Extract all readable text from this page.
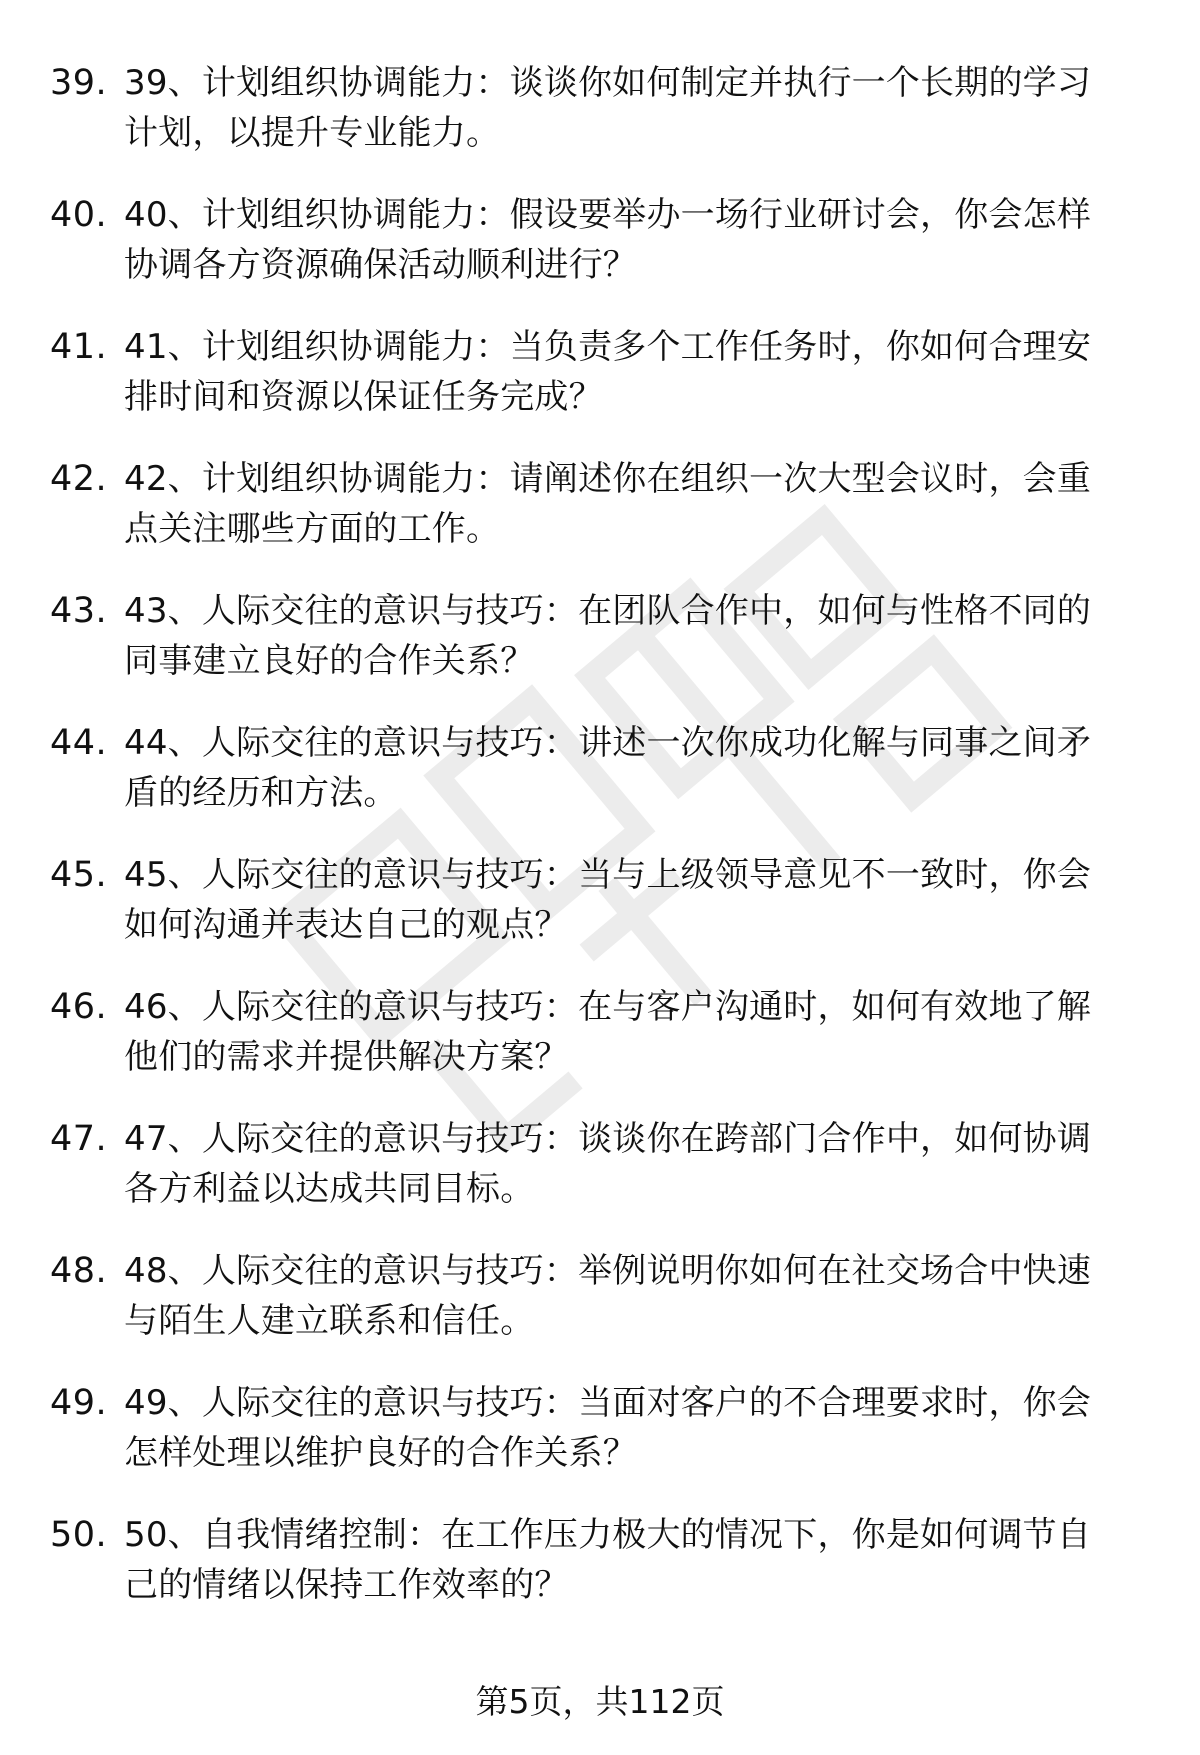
39. 39、计划组织协调能力：谈谈你如何制定并执行一个长期的学习计划，以提升专业能力。
40. 40、计划组织协调能力：假设要举办一场行业研讨会，你会怎样协调各方资源确保活动顺利进行？
41. 41、计划组织协调能力：当负责多个工作任务时，你如何合理安排时间和资源以保证任务完成？
42. 42、计划组织协调能力：请阐述你在组织一次大型会议时，会重点关注哪些方面的工作。
43. 43、人际交往的意识与技巧：在团队合作中，如何与性格不同的同事建立良好的合作关系？
44. 44、人际交往的意识与技巧：讲述一次你成功化解与同事之间矛盾的经历和方法。
45. 45、人际交往的意识与技巧：当与上级领导意见不一致时，你会如何沟通并表达自己的观点？
46. 46、人际交往的意识与技巧：在与客户沟通时，如何有效地了解他们的需求并提供解决方案？
47. 47、人际交往的意识与技巧：谈谈你在跨部门合作中，如何协调各方利益以达成共同目标。
48. 48、人际交往的意识与技巧：举例说明你如何在社交场合中快速与陌生人建立联系和信任。
49. 49、人际交往的意识与技巧：当面对客户的不合理要求时，你会怎样处理以维护良好的合作关系？
50. 50、自我情绪控制：在工作压力极大的情况下，你是如何调节自己的情绪以保持工作效率的？
第5页，共112页
